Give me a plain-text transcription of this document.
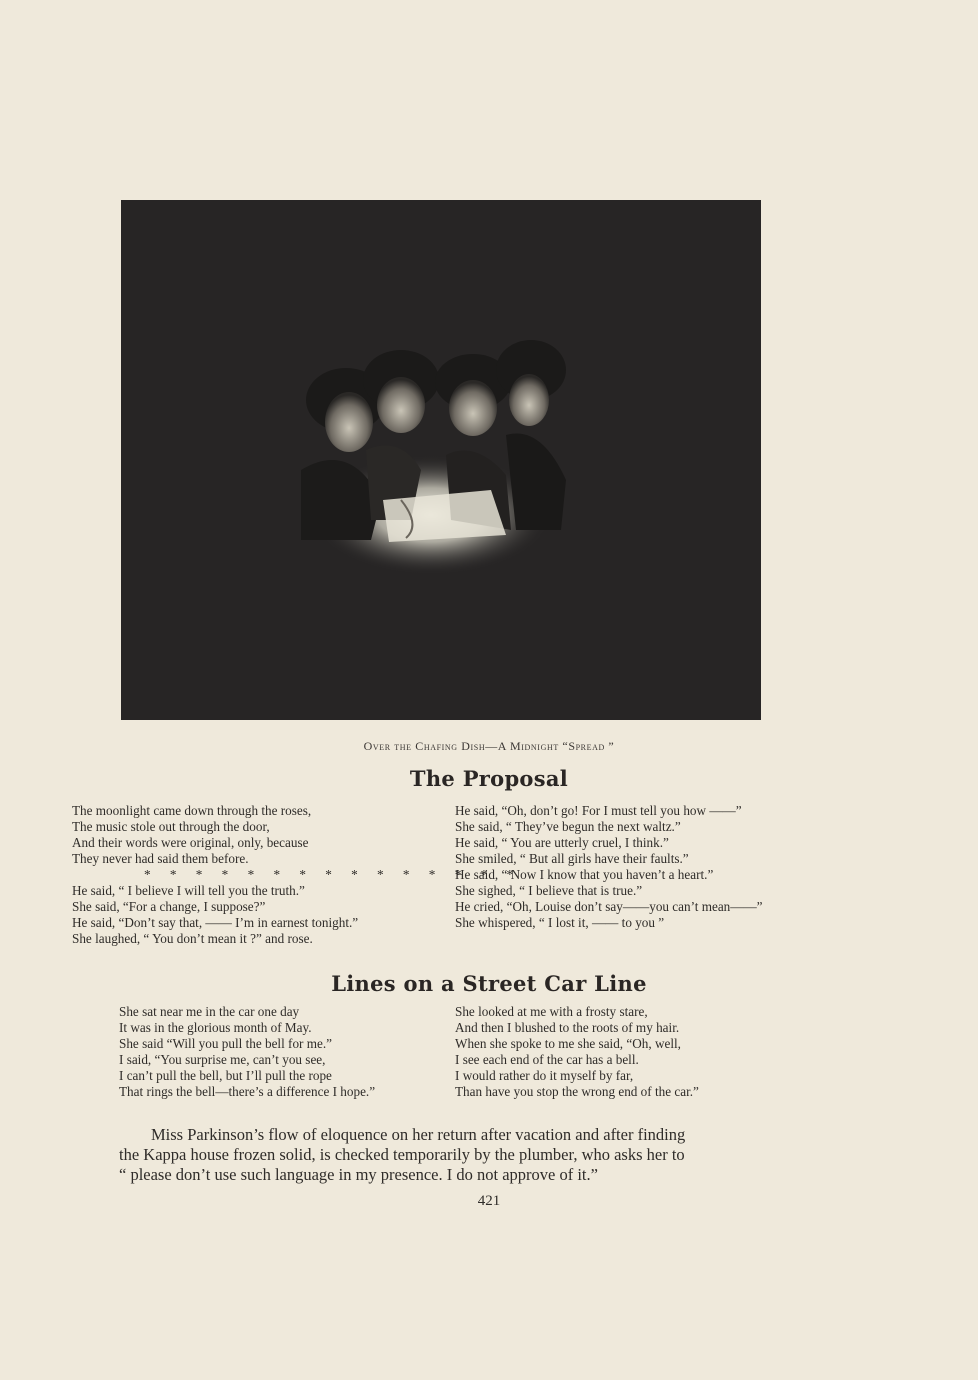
Over the Chafing Dish—A Midnight “Spread ”
The Proposal
The moonlight came down through the roses,
The music stole out through the door,
And their words were original, only, because
They never had said them before.
* * * * * * * * * * * * * * *
He said, “ I believe I will tell you the truth.”
She said, “For a change, I suppose?”
He said, “Don’t say that, —— I’m in earnest tonight.”
She laughed, “ You don’t mean it ?” and rose.
He said, “Oh, don’t go! For I must tell you how ——”
She said, “ They’ve begun the next waltz.”
He said, “ You are utterly cruel, I think.”
She smiled, “ But all girls have their faults.”
He said, “ Now I know that you haven’t a heart.”
She sighed, “ I believe that is true.”
He cried, “Oh, Louise don’t say——you can’t mean——”
She whispered, “ I lost it, —— to you ”
Lines on a Street Car Line
She sat near me in the car one day
It was in the glorious month of May.
She said “Will you pull the bell for me.”
I said, “You surprise me, can’t you see,
I can’t pull the bell, but I’ll pull the rope
That rings the bell—there’s a difference I hope.”
She looked at me with a frosty stare,
And then I blushed to the roots of my hair.
When she spoke to me she said, “Oh, well,
I see each end of the car has a bell.
I would rather do it myself by far,
Than have you stop the wrong end of the car.”
Miss Parkinson’s flow of eloquence on her return after vacation and after finding
the Kappa house frozen solid, is checked temporarily by the plumber, who asks her to
“ please don’t use such language in my presence. I do not approve of it.”
421
